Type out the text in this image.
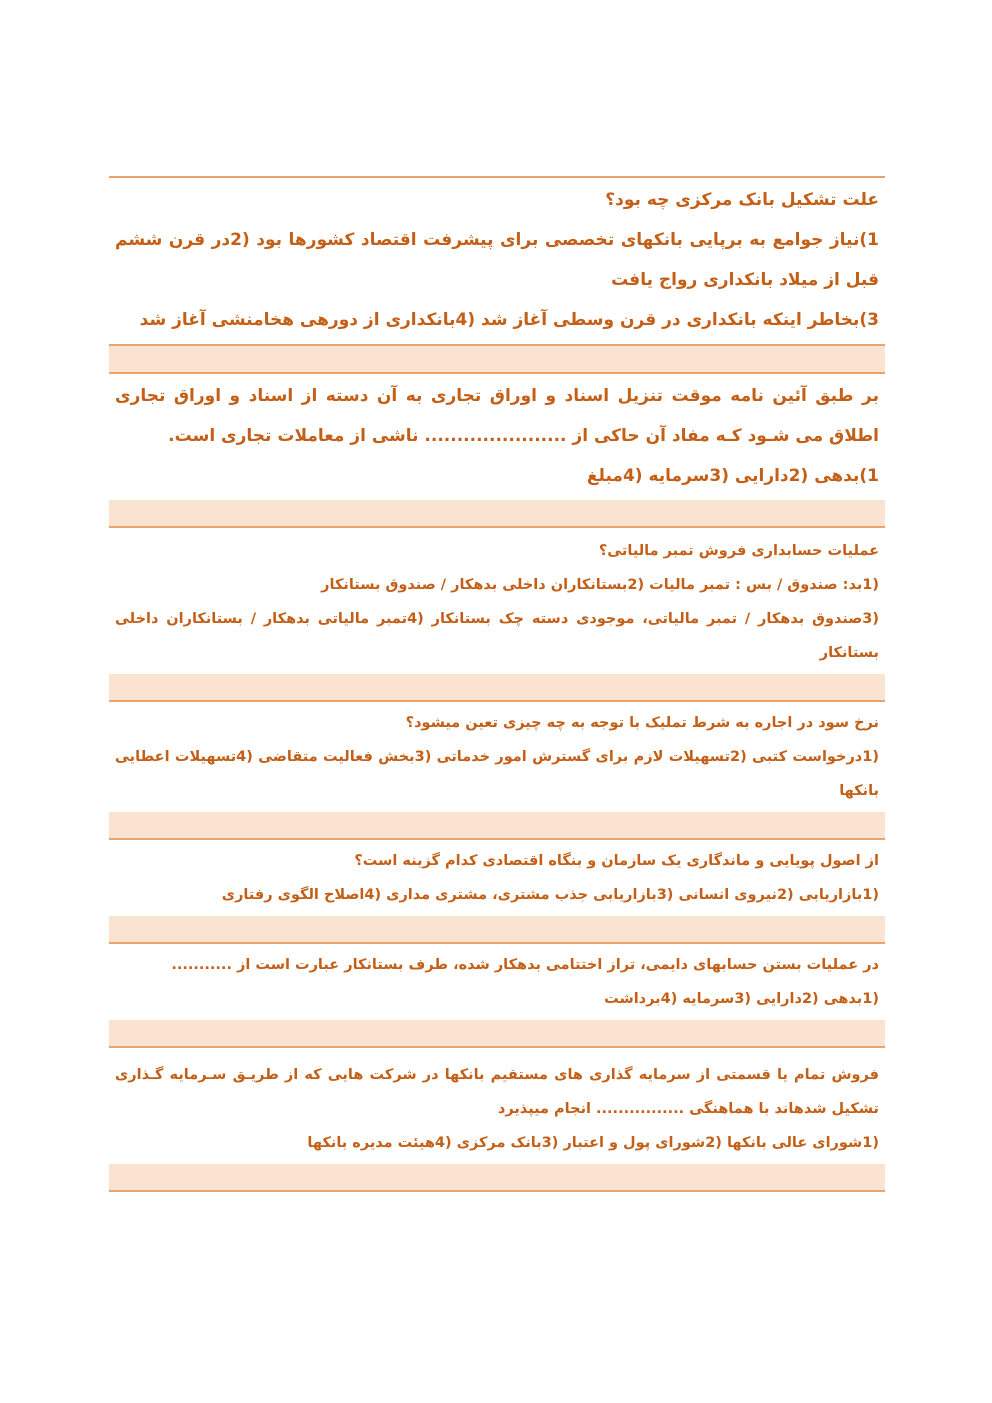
علت تشکیل بانک مرکزی چه بود؟

1)نیاز جوامع به برپایی بانکهای تخصصی برای پیشرفت اقتصاد کشورها بود (2در قرن ششم قبل از میلاد بانکداری رواج یافت

3)بخاطر اینکه بانکداری در قرن وسطی آغاز شد (4بانکداری از دورهی هخامنشی آغاز شد

بر طبق آئین نامه موقت تنزیل اسناد و اوراق تجاری به آن دسته از اسناد و اوراق تجاری اطلاق می شـود کـه مفاد آن حاکی از ...................... ناشی از معاملات تجاری است.

1)بدهی (2دارایی (3سرمایه (4مبلغ

عملیات حسابداری فروش تمبر مالیاتی؟

(1بد: صندوق / بس : تمبر مالیات (2بستانکاران داخلی بدهکار / صندوق بستانکار

(3صندوق بدهکار / تمبر مالیاتی، موجودی دسته چک بستانکار (4تمبر مالیاتی بدهکار / بستانکاران داخلی بستانکار

نرخ سود در اجاره به شرط تملیک با توجه به چه چیزی تعین میشود؟

(1درخواست کتبی (2تسهیلات لازم برای گسترش امور خدماتی (3بخش فعالیت متقاضی (4تسهیلات اعطایی بانکها

از اصول پویایی و ماندگاری یک سازمان و بنگاه اقتصادی کدام گزینه است؟

(1بازاریابی (2نیروی انسانی (3بازاریابی جذب مشتری، مشتری مداری (4اصلاح الگوی رفتاری

در عملیات بستن حسابهای دایمی، تراز اختتامی بدهکار شده، طرف بستانکار عبارت است از ...........

(1بدهی (2دارایی (3سرمایه (4برداشت

فروش تمام یا قسمتی از سرمایه گذاری های مستقیم بانکها در شرکت هایی که از طریـق سـرمایه گـذاری تشکیل شدهاند با هماهنگی ................ انجام میپذیرد

(1شورای عالی بانکها (2شورای پول و اعتبار (3بانک مرکزی (4هیئت مدیره بانکها
